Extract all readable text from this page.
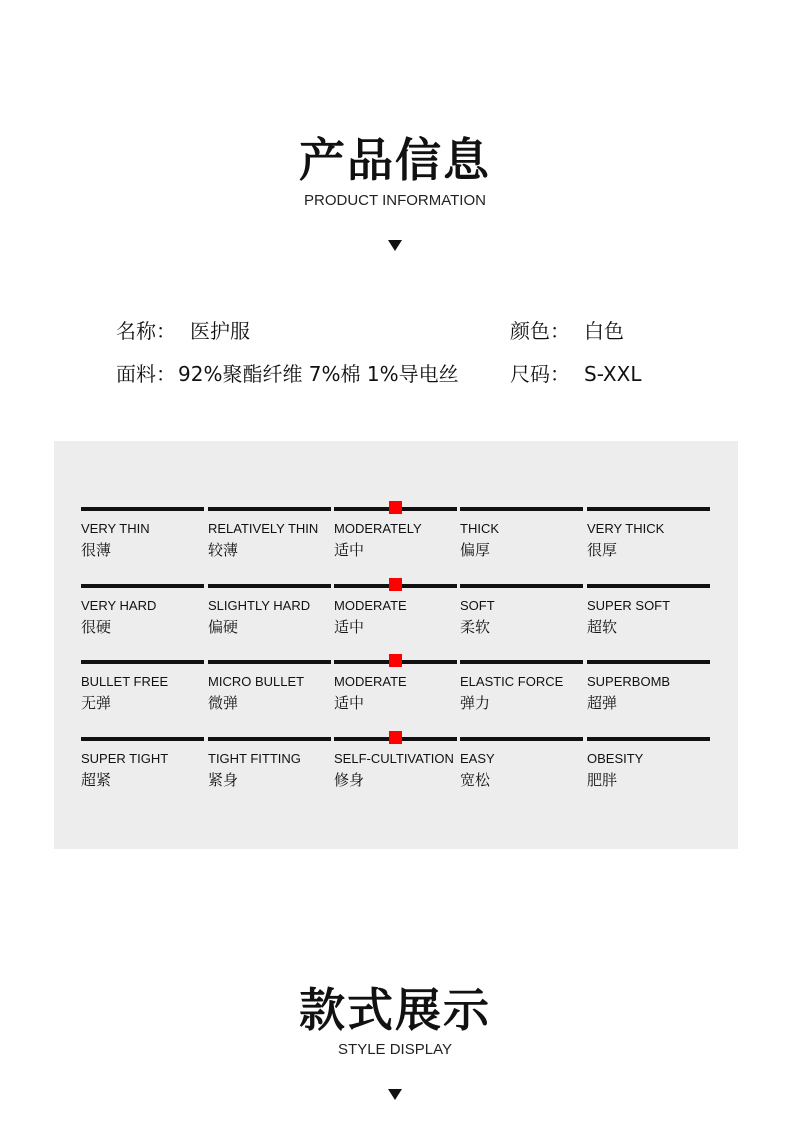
产品信息
PRODUCT INFORMATION
名称： 医护服	颜色： 白色
面料： 92%聚酯纤维 7%棉 1%导电丝	尺码： S-XXL
VERY THIN
很薄
RELATIVELY THIN
较薄
MODERATELY
适中
THICK
偏厚
VERY THICK
很厚
VERY HARD
很硬
SLIGHTLY HARD
偏硬
MODERATE
适中
SOFT
柔软
SUPER SOFT
超软
BULLET FREE
无弹
MICRO BULLET
微弹
MODERATE
适中
ELASTIC FORCE
弹力
SUPERBOMB
超弹
SUPER TIGHT
超紧
TIGHT FITTING
紧身
SELF-CULTIVATION
修身
EASY
宽松
OBESITY
肥胖
款式展示
STYLE DISPLAY
